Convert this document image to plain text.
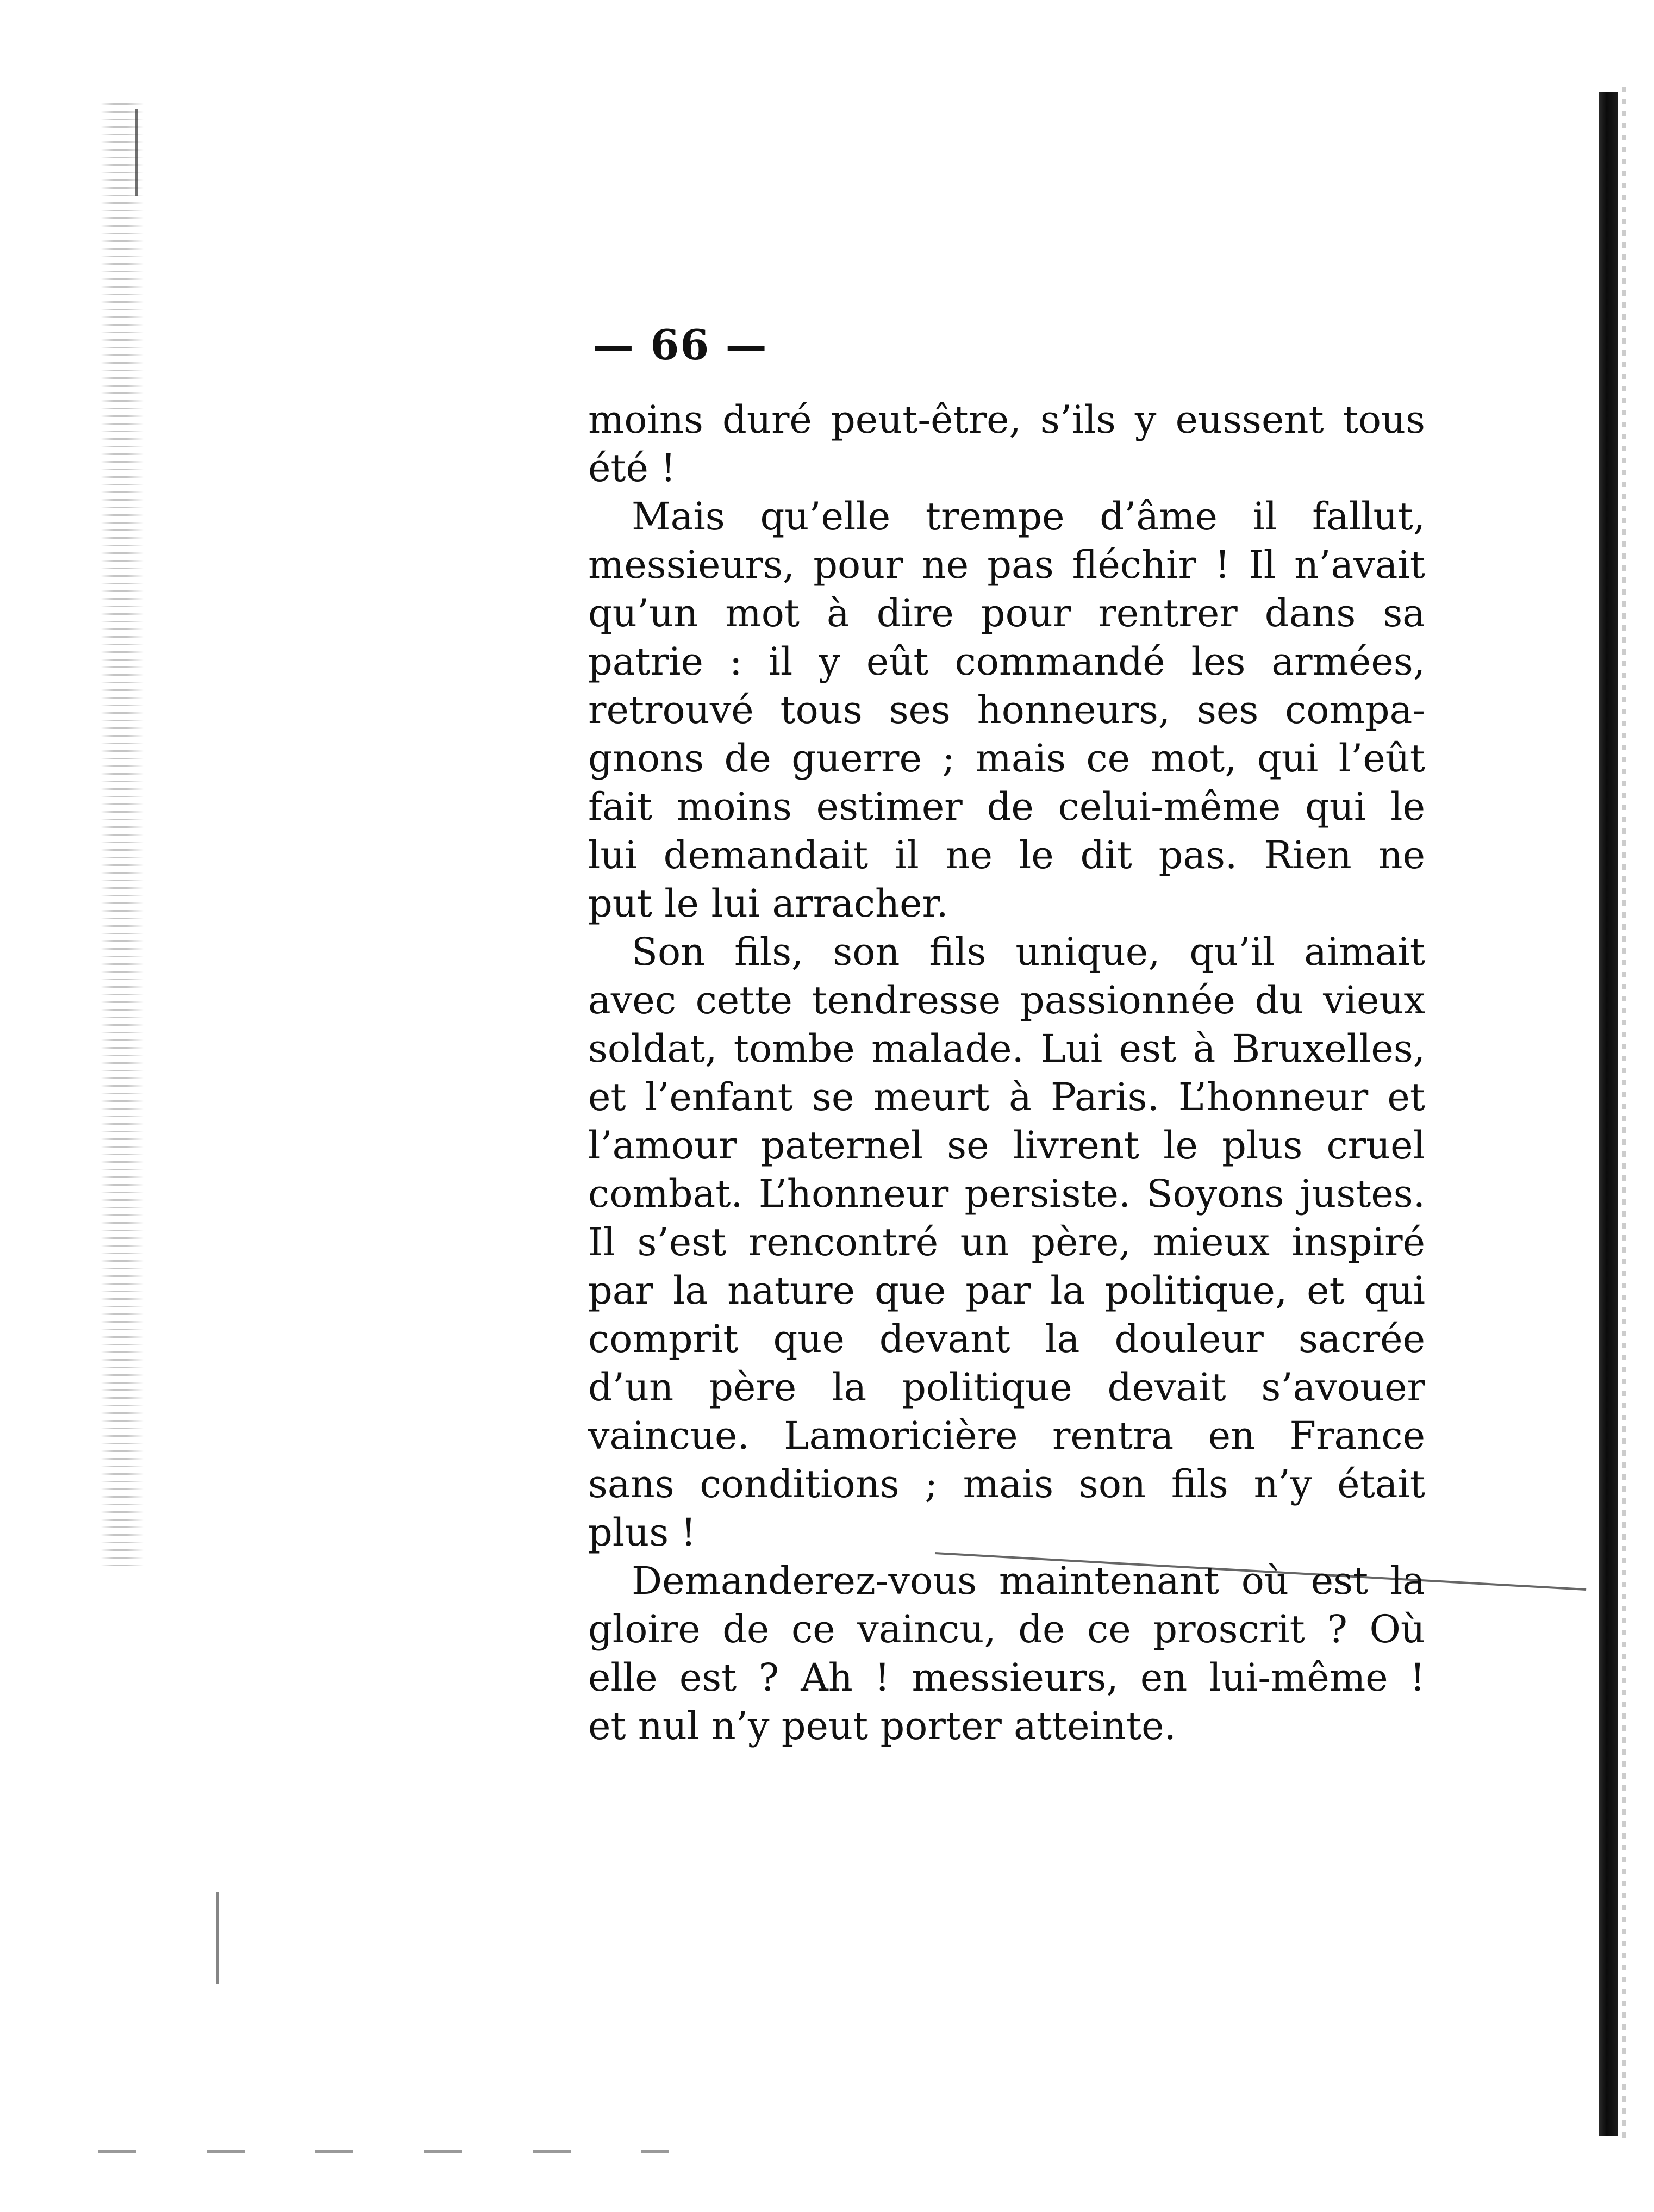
— 66 —
moins duré peut-être, s’ils y eussent tous
été !
Mais qu’elle trempe d’âme il fallut,
messieurs, pour ne pas fléchir ! Il n’avait
qu’un mot à dire pour rentrer dans sa
patrie : il y eût commandé les armées,
retrouvé tous ses honneurs, ses compa-
gnons de guerre ; mais ce mot, qui l’eût
fait moins estimer de celui-même qui le
lui demandait il ne le dit pas. Rien ne
put le lui arracher.
Son fils, son fils unique, qu’il aimait
avec cette tendresse passionnée du vieux
soldat, tombe malade. Lui est à Bruxelles,
et l’enfant se meurt à Paris. L’honneur et
l’amour paternel se livrent le plus cruel
combat. L’honneur persiste. Soyons justes.
Il s’est rencontré un père, mieux inspiré
par la nature que par la politique, et qui
comprit que devant la douleur sacrée
d’un père la politique devait s’avouer
vaincue. Lamoricière rentra en France
sans conditions ; mais son fils n’y était
plus !
Demanderez-vous maintenant où est la
gloire de ce vaincu, de ce proscrit ? Où
elle est ? Ah ! messieurs, en lui-même !
et nul n’y peut porter atteinte.
